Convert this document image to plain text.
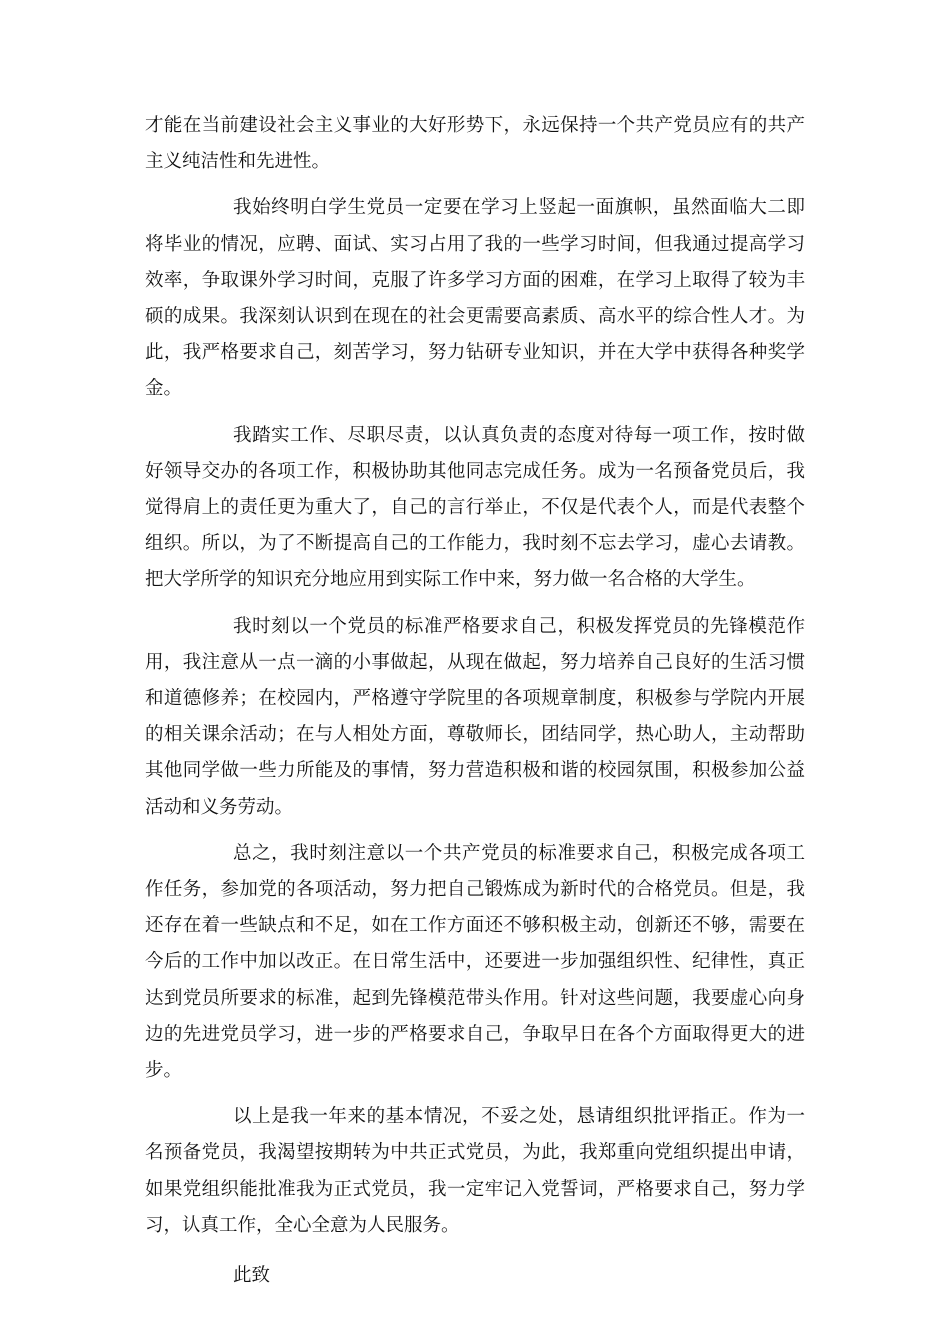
才能在当前建设社会主义事业的大好形势下，永远保持一个共产党员应有的共产主义纯洁性和先进性。

我始终明白学生党员一定要在学习上竖起一面旗帜，虽然面临大二即将毕业的情况，应聘、面试、实习占用了我的一些学习时间，但我通过提高学习效率，争取课外学习时间，克服了许多学习方面的困难，在学习上取得了较为丰硕的成果。我深刻认识到在现在的社会更需要高素质、高水平的综合性人才。为此，我严格要求自己，刻苦学习，努力钻研专业知识，并在大学中获得各种奖学金。

我踏实工作、尽职尽责，以认真负责的态度对待每一项工作，按时做好领导交办的各项工作，积极协助其他同志完成任务。成为一名预备党员后，我觉得肩上的责任更为重大了，自己的言行举止，不仅是代表个人，而是代表整个组织。所以，为了不断提高自己的工作能力，我时刻不忘去学习，虚心去请教。把大学所学的知识充分地应用到实际工作中来，努力做一名合格的大学生。

我时刻以一个党员的标准严格要求自己，积极发挥党员的先锋模范作用，我注意从一点一滴的小事做起，从现在做起，努力培养自己良好的生活习惯和道德修养；在校园内，严格遵守学院里的各项规章制度，积极参与学院内开展的相关课余活动；在与人相处方面，尊敬师长，团结同学，热心助人，主动帮助其他同学做一些力所能及的事情，努力营造积极和谐的校园氛围，积极参加公益活动和义务劳动。

总之，我时刻注意以一个共产党员的标准要求自己，积极完成各项工作任务，参加党的各项活动，努力把自己锻炼成为新时代的合格党员。但是，我还存在着一些缺点和不足，如在工作方面还不够积极主动，创新还不够，需要在今后的工作中加以改正。在日常生活中，还要进一步加强组织性、纪律性，真正达到党员所要求的标准，起到先锋模范带头作用。针对这些问题，我要虚心向身边的先进党员学习，进一步的严格要求自己，争取早日在各个方面取得更大的进步。

以上是我一年来的基本情况，不妥之处，恳请组织批评指正。作为一名预备党员，我渴望按期转为中共正式党员，为此，我郑重向党组织提出申请，如果党组织能批准我为正式党员，我一定牢记入党誓词，严格要求自己，努力学习，认真工作，全心全意为人民服务。

此致
